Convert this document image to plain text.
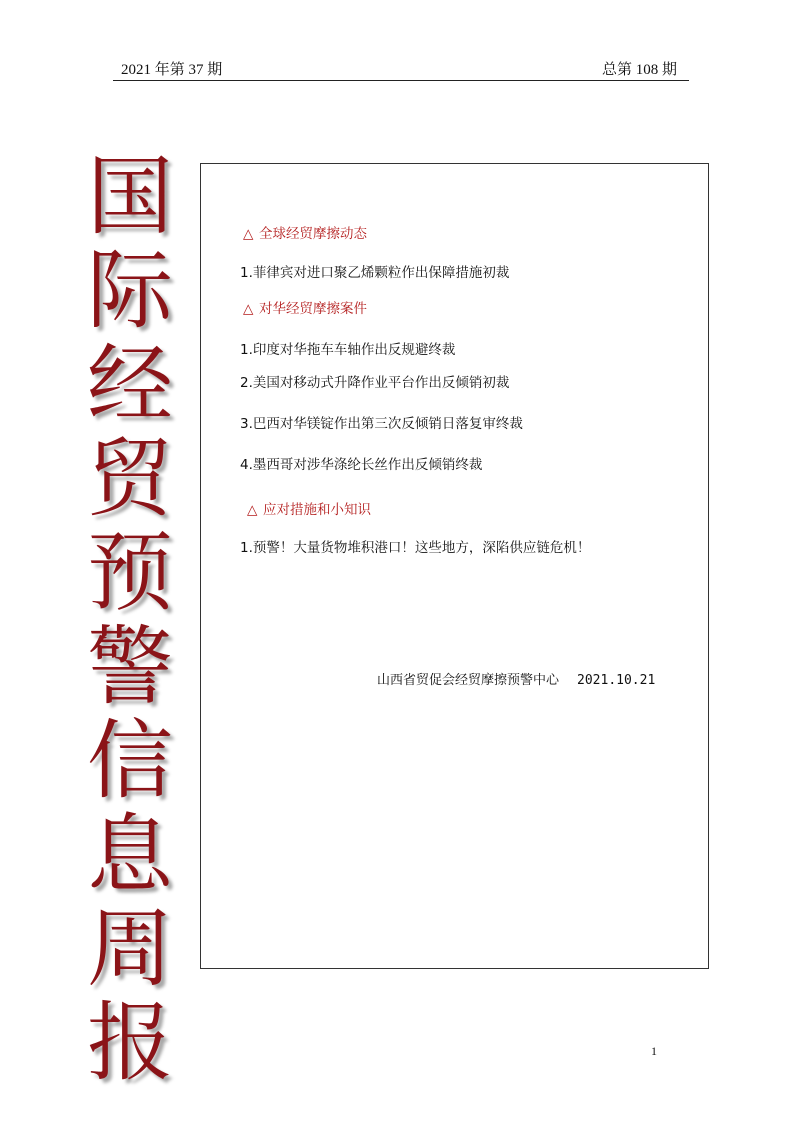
2021 年第 37 期	总第 108 期
国
际
经
贸
预
警
信
息
周
报
△ 全球经贸摩擦动态
1.菲律宾对进口聚乙烯颗粒作出保障措施初裁
△ 对华经贸摩擦案件
1.印度对华拖车车轴作出反规避终裁
2.美国对移动式升降作业平台作出反倾销初裁
3.巴西对华镁锭作出第三次反倾销日落复审终裁
4.墨西哥对涉华涤纶长丝作出反倾销终裁
△ 应对措施和小知识
1.预警！大量货物堆积港口！这些地方，深陷供应链危机！
山西省贸促会经贸摩擦预警中心 2021.10.21
1
